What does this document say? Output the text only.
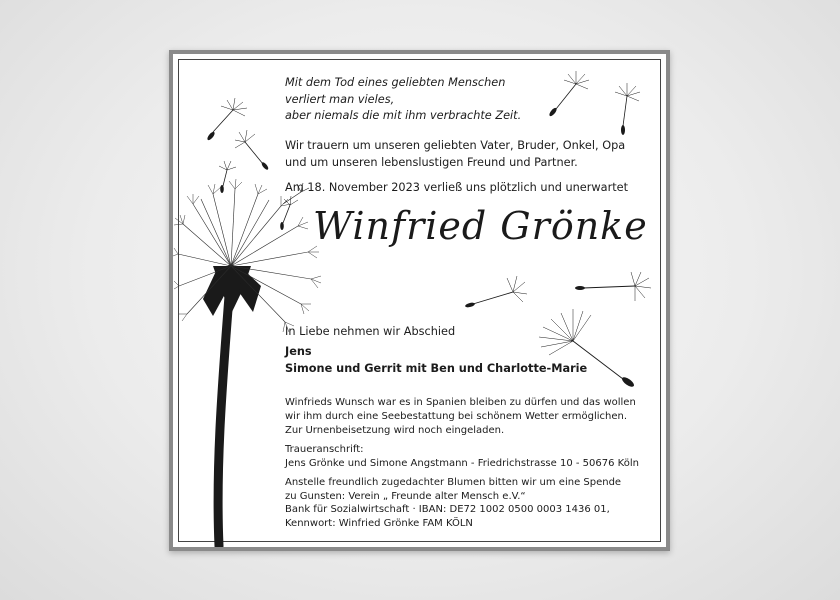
Mit dem Tod eines geliebten Menschen
verliert man vieles,
aber niemals die mit ihm verbrachte Zeit.
Wir trauern um unseren geliebten Vater, Bruder, Onkel, Opa
und um unseren lebenslustigen Freund und Partner.
Am 18. November 2023 verließ uns plötzlich und unerwartet
Winfried Grönke
In Liebe nehmen wir Abschied
Jens
Simone und Gerrit mit Ben und Charlotte-Marie
Winfrieds Wunsch war es in Spanien bleiben zu dürfen und das wollen
wir ihm durch eine Seebestattung bei schönem Wetter ermöglichen.
Zur Urnenbeisetzung wird noch eingeladen.
Traueranschrift:
Jens Grönke und Simone Angstmann - Friedrichstrasse 10 - 50676 Köln
Anstelle freundlich zugedachter Blumen bitten wir um eine Spende
zu Gunsten: Verein „ Freunde alter Mensch e.V.“
Bank für Sozialwirtschaft · IBAN: DE72 1002 0500 0003 1436 01,
Kennwort: Winfried Grönke FAM KÖLN
